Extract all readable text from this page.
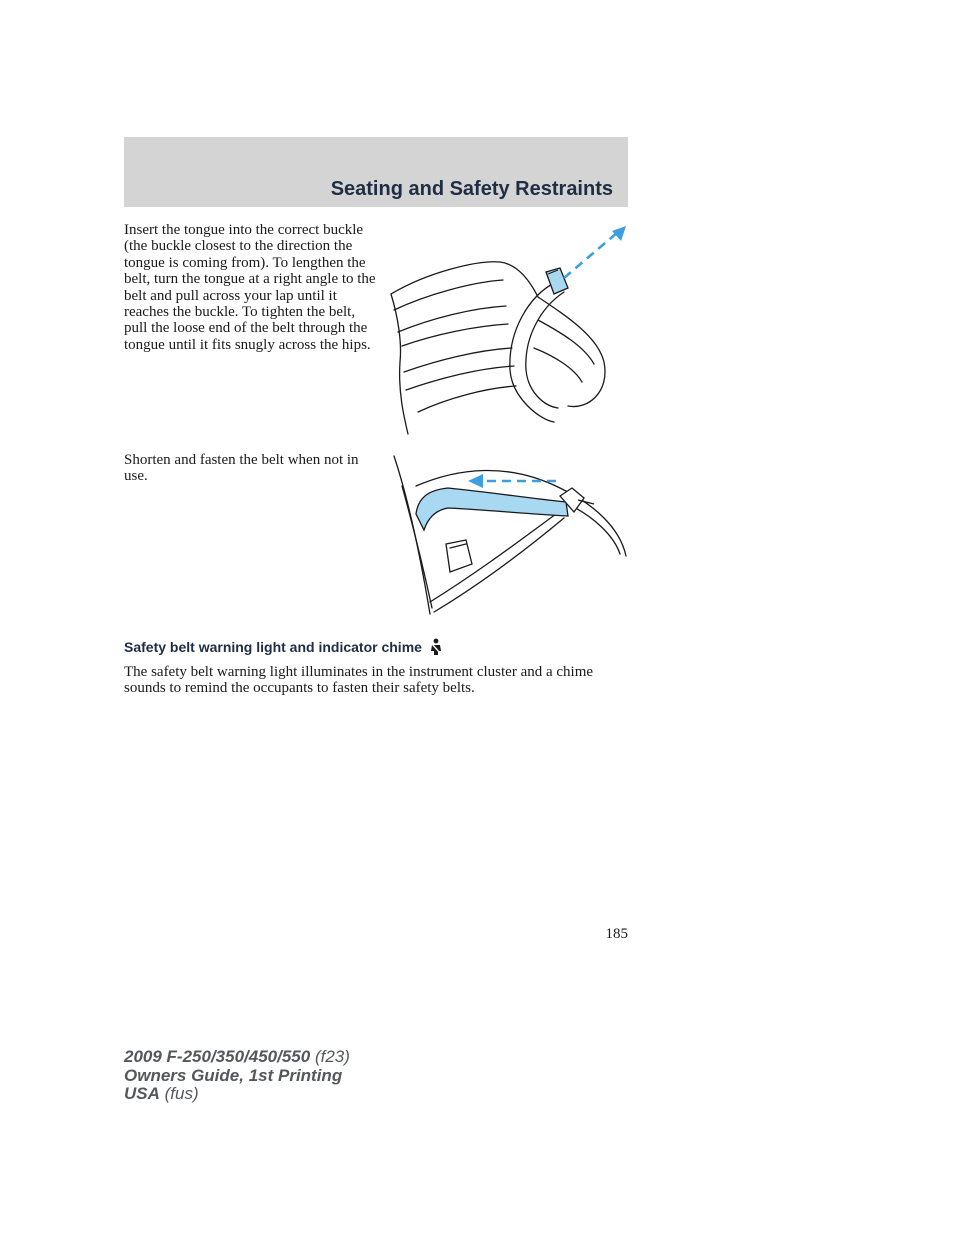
Seating and Safety Restraints

Insert the tongue into the correct buckle (the buckle closest to the direction the tongue is coming from). To lengthen the belt, turn the tongue at a right angle to the belt and pull across your lap until it reaches the buckle. To tighten the belt, pull the loose end of the belt through the tongue until it fits snugly across the hips.

Shorten and fasten the belt when not in use.

Safety belt warning light and indicator chime

The safety belt warning light illuminates in the instrument cluster and a chime sounds to remind the occupants to fasten their safety belts.

185
2009 F-250/350/450/550 (f23)
Owners Guide, 1st Printing
USA (fus)
